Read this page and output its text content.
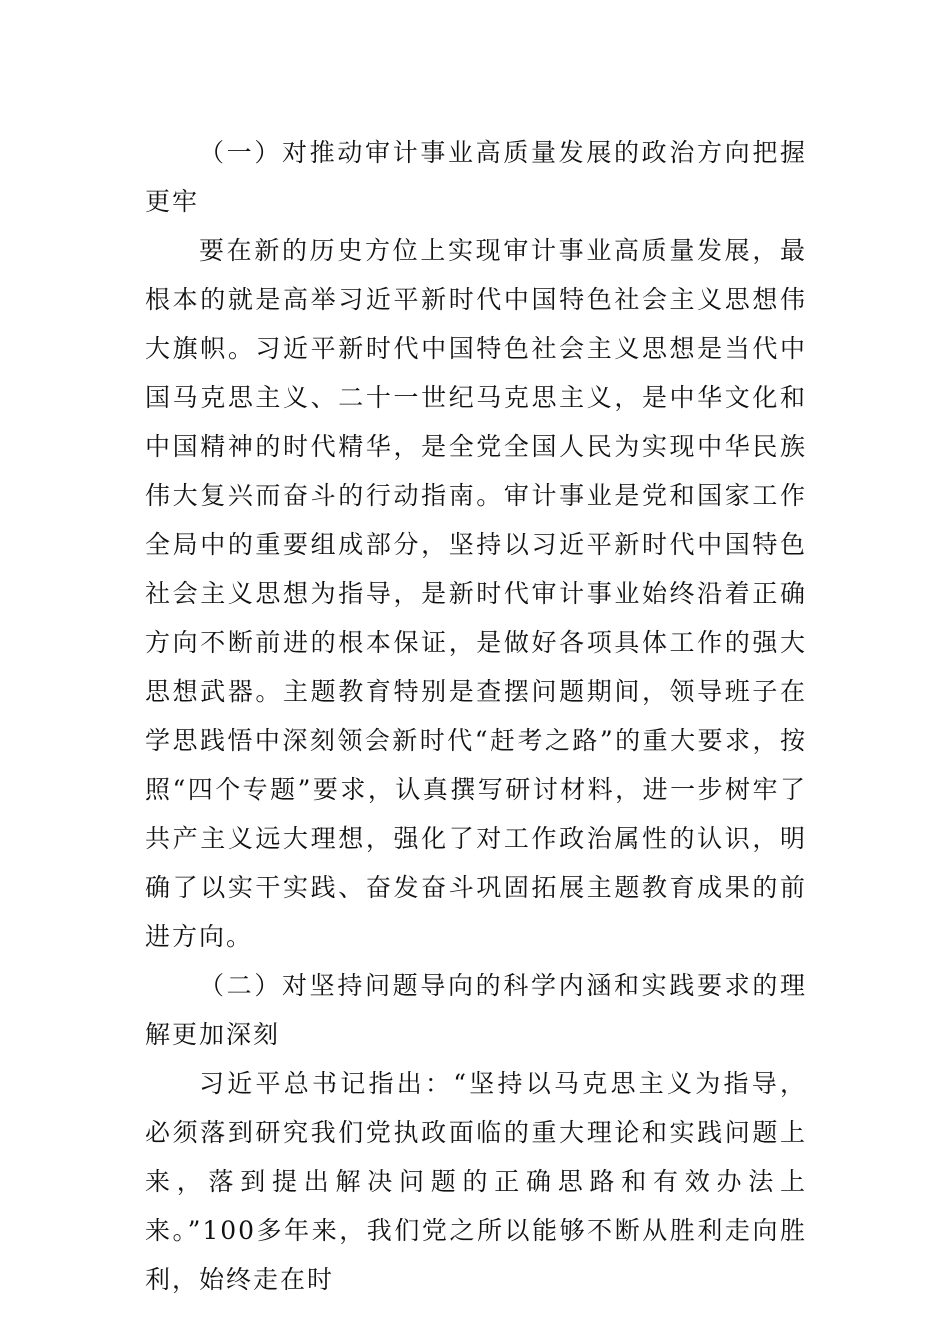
（一）对推动审计事业高质量发展的政治方向把握更牢

要在新的历史方位上实现审计事业高质量发展，最根本的就是高举习近平新时代中国特色社会主义思想伟大旗帜。习近平新时代中国特色社会主义思想是当代中国马克思主义、二十一世纪马克思主义，是中华文化和中国精神的时代精华，是全党全国人民为实现中华民族伟大复兴而奋斗的行动指南。审计事业是党和国家工作全局中的重要组成部分，坚持以习近平新时代中国特色社会主义思想为指导，是新时代审计事业始终沿着正确方向不断前进的根本保证，是做好各项具体工作的强大思想武器。主题教育特别是查摆问题期间，领导班子在学思践悟中深刻领会新时代“赶考之路”的重大要求，按照“四个专题”要求，认真撰写研讨材料，进一步树牢了共产主义远大理想，强化了对工作政治属性的认识，明确了以实干实践、奋发奋斗巩固拓展主题教育成果的前进方向。

（二）对坚持问题导向的科学内涵和实践要求的理解更加深刻

习近平总书记指出：“坚持以马克思主义为指导，必须落到研究我们党执政面临的重大理论和实践问题上来，落到提出解决问题的正确思路和有效办法上来。”100多年来，我们党之所以能够不断从胜利走向胜利，始终走在时
